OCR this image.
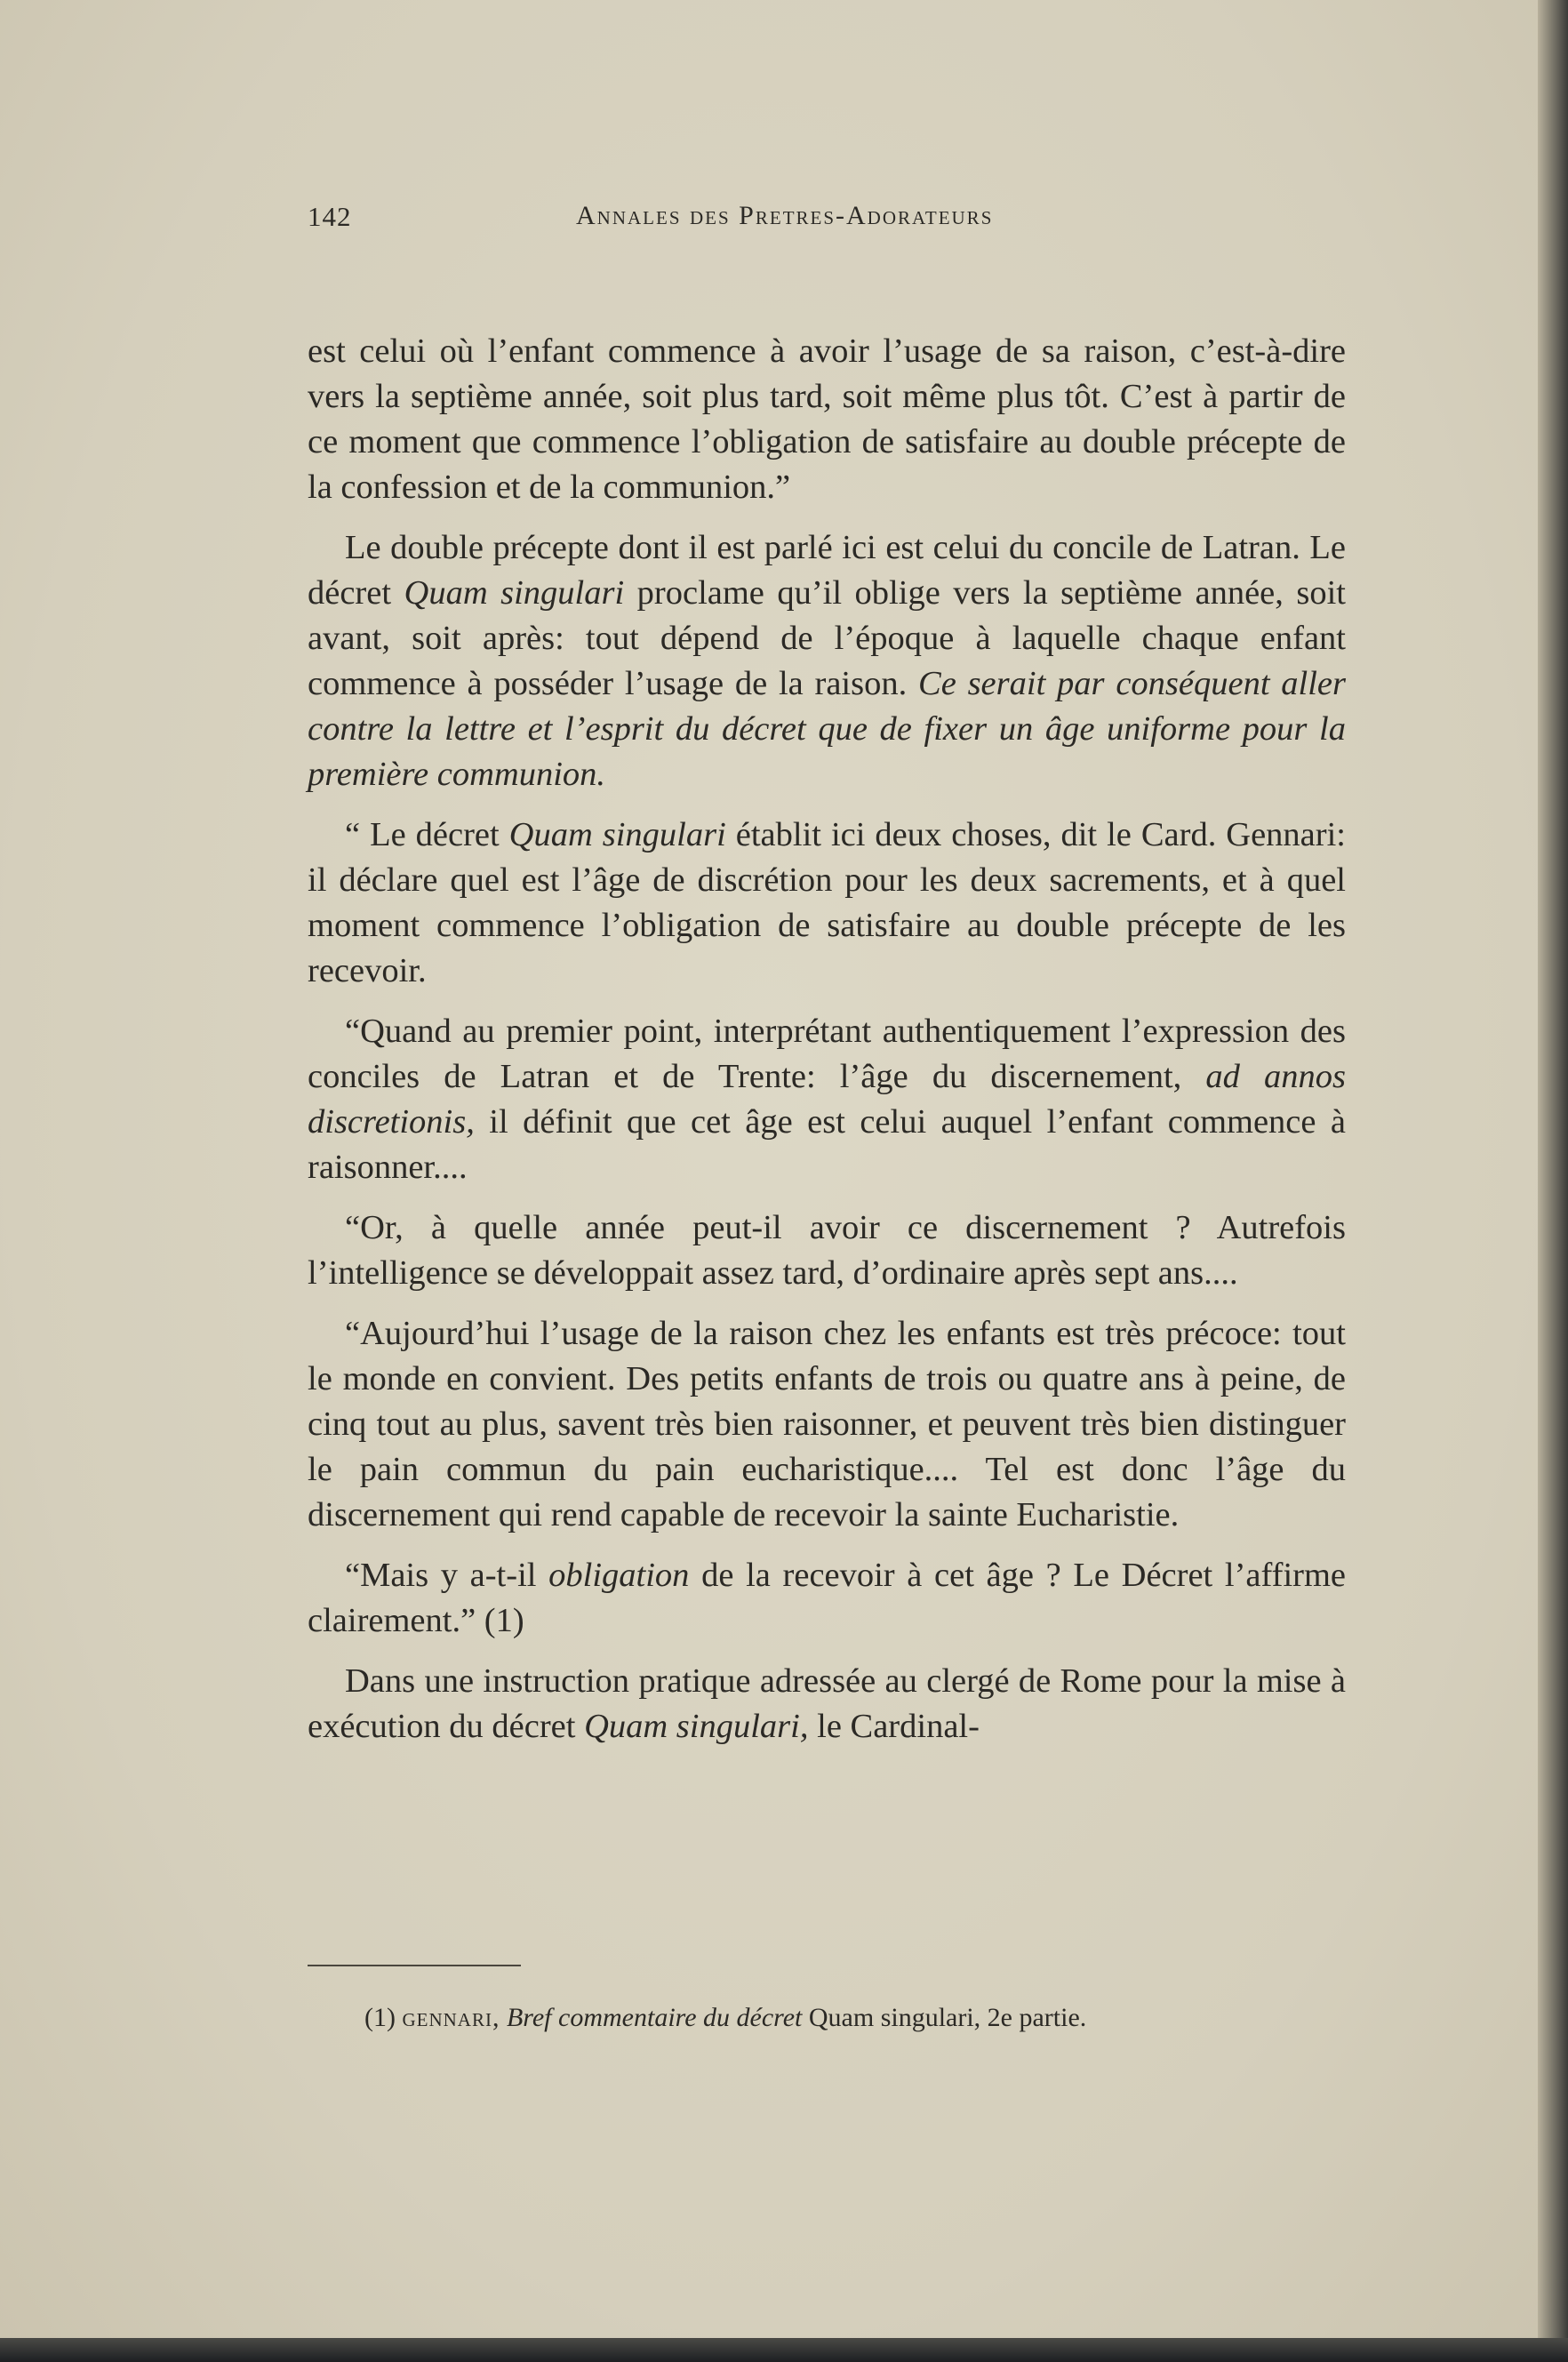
142	Annales des Pretres-Adorateurs

est celui où l’enfant commence à avoir l’usage de sa raison, c’est-à-dire vers la septième année, soit plus tard, soit même plus tôt. C’est à partir de ce moment que commence l’obligation de satisfaire au double précepte de la confession et de la communion.”

Le double précepte dont il est parlé ici est celui du concile de Latran. Le décret Quam singulari proclame qu’il oblige vers la septième année, soit avant, soit après: tout dépend de l’époque à laquelle chaque enfant commence à posséder l’usage de la raison. Ce serait par conséquent aller contre la lettre et l’esprit du décret que de fixer un âge uniforme pour la première communion.

“ Le décret Quam singulari établit ici deux choses, dit le Card. Gennari: il déclare quel est l’âge de discrétion pour les deux sacrements, et à quel moment commence l’obligation de satisfaire au double précepte de les recevoir.

“Quand au premier point, interprétant authentiquement l’expression des conciles de Latran et de Trente: l’âge du discernement, ad annos discretionis, il définit que cet âge est celui auquel l’enfant commence à raisonner....

“Or, à quelle année peut-il avoir ce discernement ? Autrefois l’intelligence se développait assez tard, d’ordinaire après sept ans....

“Aujourd’hui l’usage de la raison chez les enfants est très précoce: tout le monde en convient. Des petits enfants de trois ou quatre ans à peine, de cinq tout au plus, savent très bien raisonner, et peuvent très bien distinguer le pain commun du pain eucharistique.... Tel est donc l’âge du discernement qui rend capable de recevoir la sainte Eucharistie.

“Mais y a-t-il obligation de la recevoir à cet âge ? Le Décret l’affirme clairement.” (1)

Dans une instruction pratique adressée au clergé de Rome pour la mise à exécution du décret Quam singulari, le Cardinal-

(1) gennari, Bref commentaire du décret Quam singulari, 2e partie.
